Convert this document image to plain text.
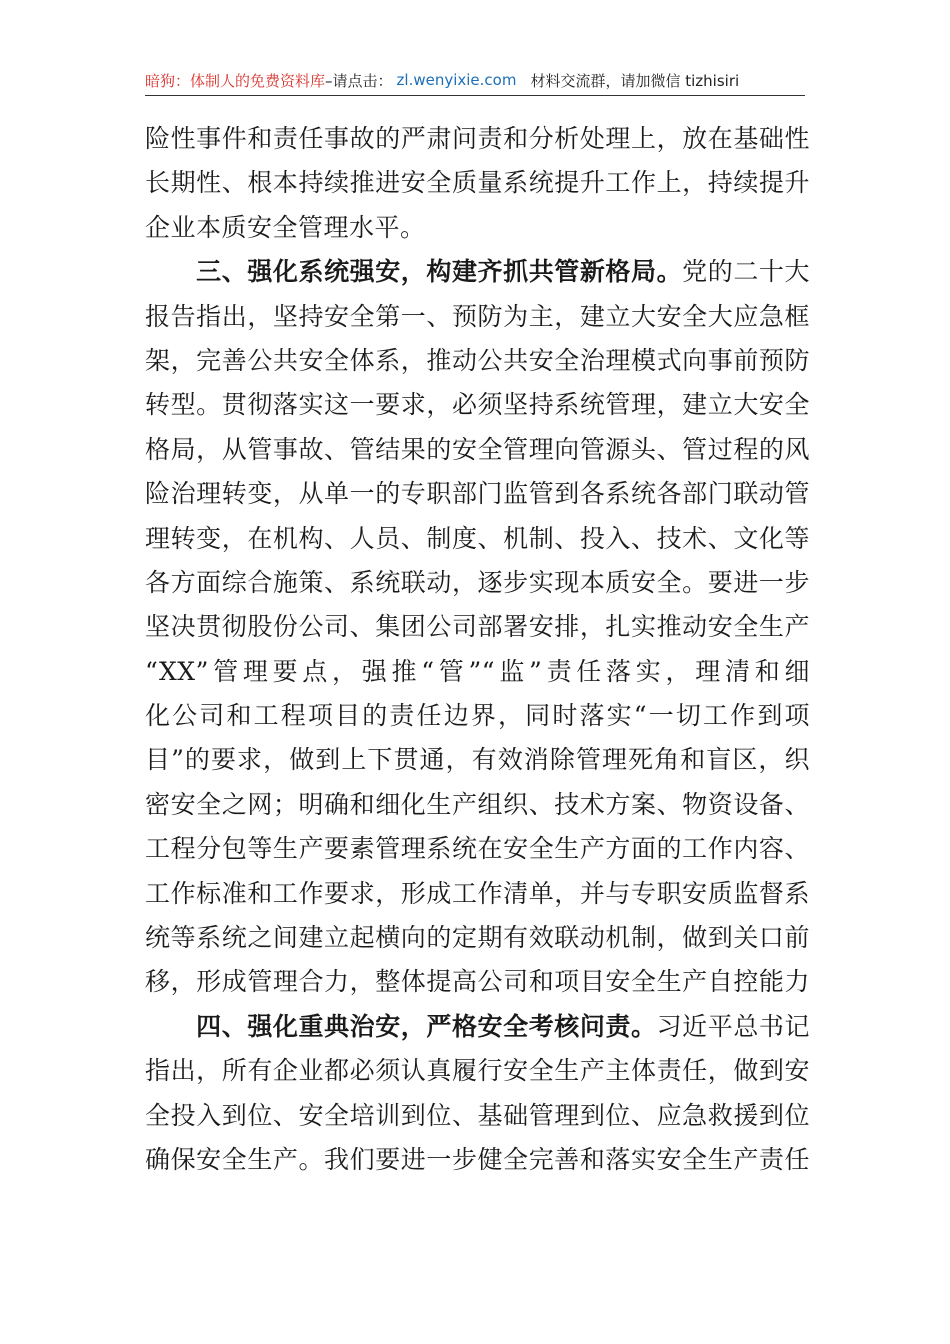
暗狗：体制人的免费资料库 –请点击： zl.wenyixie.com 材料交流群，请加微信 tizhisiri
险性事件和责任事故的严肃问责和分析处理上，放在基础性
长期性、根本持续推进安全质量系统提升工作上，持续提升
企业本质安全管理水平。
　　三、强化系统强安，构建齐抓共管新格局。党的二十大
报告指出，坚持安全第一、预防为主，建立大安全大应急框
架，完善公共安全体系，推动公共安全治理模式向事前预防
转型。贯彻落实这一要求，必须坚持系统管理，建立大安全
格局，从管事故、管结果的安全管理向管源头、管过程的风
险治理转变，从单一的专职部门监管到各系统各部门联动管
理转变，在机构、人员、制度、机制、投入、技术、文化等
各方面综合施策、系统联动，逐步实现本质安全。要进一步
坚决贯彻股份公司、集团公司部署安排，扎实推动安全生产
“XX”管理要点，强推“管”“监”责任落实，理清和细
化公司和工程项目的责任边界，同时落实“一切工作到项
目”的要求，做到上下贯通，有效消除管理死角和盲区，织
密安全之网；明确和细化生产组织、技术方案、物资设备、
工程分包等生产要素管理系统在安全生产方面的工作内容、
工作标准和工作要求，形成工作清单，并与专职安质监督系
统等系统之间建立起横向的定期有效联动机制，做到关口前
移，形成管理合力，整体提高公司和项目安全生产自控能力
　　四、强化重典治安，严格安全考核问责。习近平总书记
指出，所有企业都必须认真履行安全生产主体责任，做到安
全投入到位、安全培训到位、基础管理到位、应急救援到位
确保安全生产。我们要进一步健全完善和落实安全生产责任
